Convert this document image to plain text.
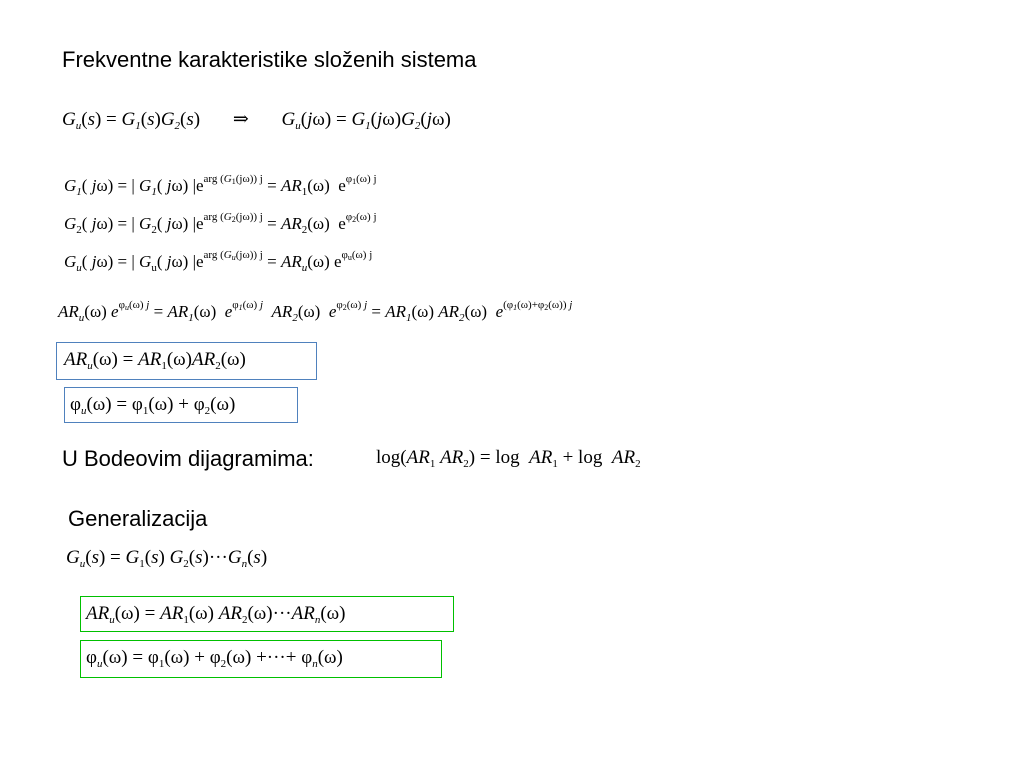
Frekventne karakteristike složenih sistema
$G_u(s) = G_1(s)G_2(s)$ ⇒ $G_u(j\omega) = G_1(j\omega)G_2(j\omega)$
$G_1$( jω) = | $G_1$( jω) $|e^{arg (G_1(j\omega)) j} = AR_1(\omega)$  $e^{\varphi_1(\omega) j}$
$G_2$( jω) = | $G_2$( jω) $|e^{arg (G_2(j\omega)) j} = AR_2(\omega)$  $e^{\varphi_2(\omega) j}$
$G_u$( jω) = | $G_u$( jω) $|e^{arg (G_u(j\omega)) j} = AR_u(\omega)$ $e^{\varphi_u(\omega) j}$
$AR_u(\omega) e^{\varphi_u(\omega) j} = AR_1(\omega)$  $e^{\varphi_1(\omega) j}$ $AR_2(\omega) e^{\varphi_2(\omega) j} = AR_1(\omega)$ $AR_2(\omega)$  $e^{(\varphi_1(\omega)+\varphi_2(\omega)) j}$
$AR_u(\omega) = AR_1(\omega)AR_2(\omega)$
$\varphi_u(\omega) = \varphi_1(\omega) + \varphi_2(\omega)$
U Bodeovim dijagramima:	$\log(AR_1$ $AR_2) = \log AR_1 + \log AR_2$
Generalizacija
$G_u(s) = G_1(s)$ $G_2(s)\cdot\cdot\cdot G_n(s)$
$AR_u(\omega) = AR_1(\omega)$ $AR_2(\omega)\cdot\cdot\cdot AR_n(\omega)$
$\varphi_u(\omega) = \varphi_1(\omega) + \varphi_2(\omega)$ +···+ $\varphi_n(\omega)$
